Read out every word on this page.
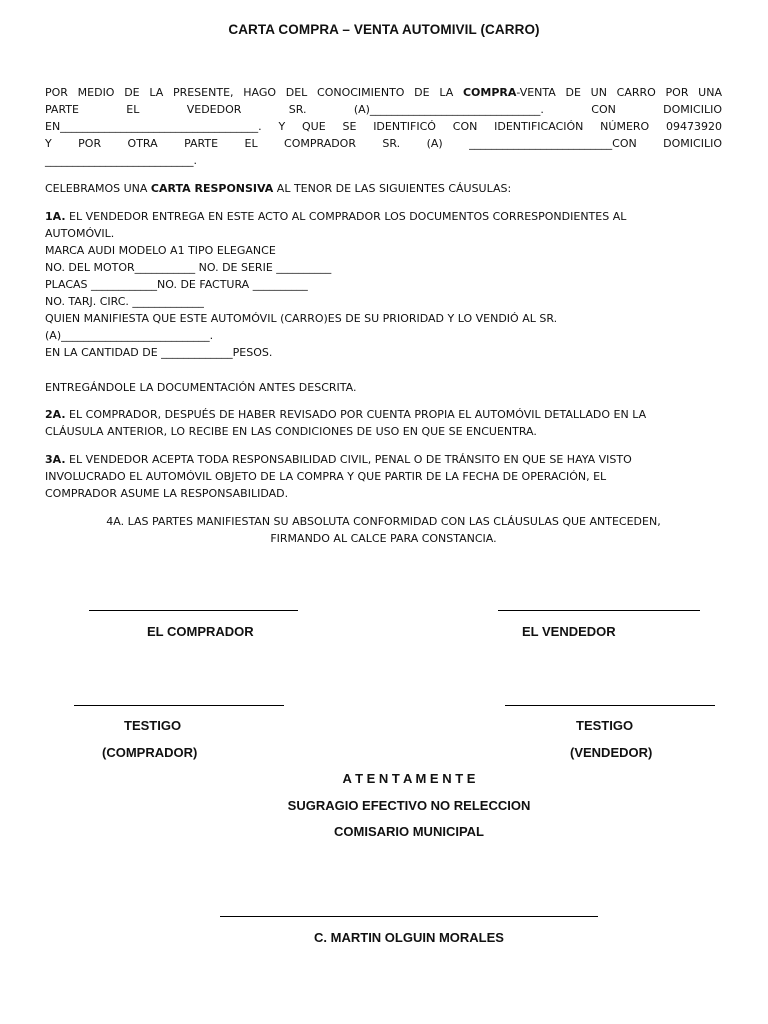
CARTA COMPRA – VENTA AUTOMIVIL (CARRO)
POR MEDIO DE LA PRESENTE, HAGO DEL CONOCIMIENTO DE LA COMPRA-VENTA DE UN CARRO POR UNA
PARTE EL VEDEDOR SR. (A)_______________________________. CON DOMICILIO
EN____________________________________. Y QUE SE IDENTIFICÓ CON IDENTIFICACIÓN NÚMERO 09473920
Y POR OTRA PARTE EL COMPRADOR SR. (A) __________________________CON DOMICILIO
___________________________.
CELEBRAMOS UNA CARTA RESPONSIVA AL TENOR DE LAS SIGUIENTES CÁUSULAS:
1A. EL VENDEDOR ENTREGA EN ESTE ACTO AL COMPRADOR LOS DOCUMENTOS CORRESPONDIENTES AL
AUTOMÓVIL.
MARCA AUDI MODELO A1 TIPO ELEGANCE
NO. DEL MOTOR___________ NO. DE SERIE __________
PLACAS ____________NO. DE FACTURA __________
NO. TARJ. CIRC. _____________
QUIEN MANIFIESTA QUE ESTE AUTOMÓVIL (CARRO)ES DE SU PRIORIDAD Y LO VENDIÓ AL SR.
(A)___________________________.
EN LA CANTIDAD DE _____________PESOS.
ENTREGÁNDOLE LA DOCUMENTACIÓN ANTES DESCRITA.
2A. EL COMPRADOR, DESPUÉS DE HABER REVISADO POR CUENTA PROPIA EL AUTOMÓVIL DETALLADO EN LA
CLÁUSULA ANTERIOR, LO RECIBE EN LAS CONDICIONES DE USO EN QUE SE ENCUENTRA.
3A. EL VENDEDOR ACEPTA TODA RESPONSABILIDAD CIVIL, PENAL O DE TRÁNSITO EN QUE SE HAYA VISTO
INVOLUCRADO EL AUTOMÓVIL OBJETO DE LA COMPRA Y QUE PARTIR DE LA FECHA DE OPERACIÓN, EL
COMPRADOR ASUME LA RESPONSABILIDAD.
4A. LAS PARTES MANIFIESTAN SU ABSOLUTA CONFORMIDAD CON LAS CLÁUSULAS QUE ANTECEDEN,
FIRMANDO AL CALCE PARA CONSTANCIA.
EL COMPRADOR	EL VENDEDOR
TESTIGO	TESTIGO
(COMPRADOR)	(VENDEDOR)
A T E N T A M E N T E
SUGRAGIO EFECTIVO NO RELECCION
COMISARIO MUNICIPAL
C. MARTIN OLGUIN MORALES
